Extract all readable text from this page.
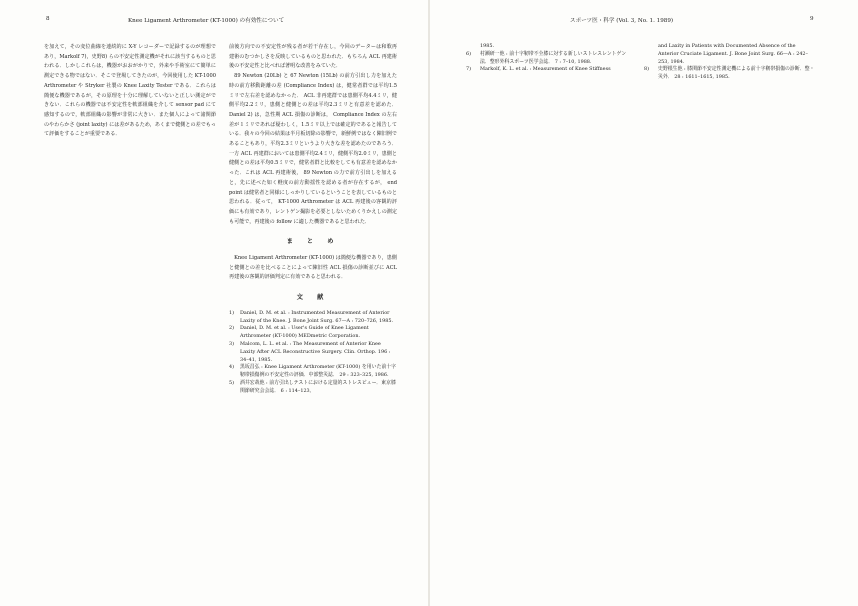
8	Knee Ligament Arthrometer (KT-1000) の有効性について

を加えて，その変位曲線を連続的に X-Y レコーダーで記録するのが理想であり，Markolf 7)，史野8) らの不安定性測定機がそれに該当するものと思われる．しかしこれらは，機器がおおがかりで，外来や手術室にて簡単に測定できる物ではない．そこで登場してきたのが，今回使用した KT-1000 Arthrometer や Stryker 社製の Knee Laxity Tester である．これらは簡便な機器であるが，その原理を十分に理解していないと正しい測定ができない．これらの機器では不安定性を軟部組織を介して sensor pad にて感知するので，軟部組織の影響が非常に大きい．また個人によって諸関節のやわらかさ (joint laxity) には差があるため，あくまで健側との差でもって評価をすることが重要である．

前後方向での不安定性が残る者が若干存在し，今回のデーターは和歌再建術のむつかしさを反映しているものと思われた．もちろん ACL 再建術後の不安定性と比べれば著明な改善をみていた．

89 Newton (20Lb) と 67 Newton (15Lb) の前方引出し力を加えた時の前方移動距離の差 (Compliance Index) は，健常者群では平均1.5ミリで左右差を認めなかった． ACL 非再建群では患側平均4.4ミリ，健側平均2.2ミリ，患側と健側との差は平均2.3ミリと有意差を認めた． Daniel 2) は，急性期 ACL 損傷の診断は， Compliance Index の左右差が１ミリであれば疑わしく，1.5ミリ以上では確定的であると報告している．我々の今回の結果は半月板切除の影響で，新鮮例ではなく陳旧例であることもあり，平均2.3ミリというより大きな差を認めたのであろう．一方 ACL 再建群においては患側平均2.4ミリ，健側平均2.0ミリ，患側と健側との差は平均0.5ミリで，健常者群と比較をしても有意差を認めなかった．これは ACL 再建術後， 89 Newton の力で前方引出しを加えると，先に述べた如く軽度の前方動揺性を認める者が存在するが， end point は健常者と同様にしっかりしているということを表しているものと思われる．従って， KT-1000 Arthrometer は ACL 再建後の客観的評価にも有効であり，レントゲン撮影を必要としないためくりかえしの測定も可能で，再建後の follow に適した機器であると思われた．

ま と め

Knee Ligament Arthrometer (KT-1000) は簡便な機器であり，患側と健側との差を比べることによって陳旧性 ACL 損傷の診断並びに ACL 再建後の客観的評価判定に有効であると思われる．

文 献
1) Daniel, D. M. et al. : Instrumented Measurement of Anterior Laxity of the Knee. J. Bone Joint Surg. 67—A : 720–726, 1985.
2) Daniel, D. M. et al. : User's Guide of Knee Ligament Arthrometer (KT-1000) MEDmetric Corporation.
3) Malcom, L. L. et al. : The Measurement of Anterior Knee Laxity After ACL Reconstructive Surgery. Clin. Orthop. 196 : 34–41, 1985.
4) 黒坂昌弘 : Knee Ligament Arthrometer (KT-1000) を用いた前十字靭帯損傷例の不安定性の評価．中部整災誌． 29 : 323–325, 1986.
5) 酒井宏哉他 : 前方引出しテストにおける定量的ストレスビュー．東京膝関節研究会会誌． 6 : 114–123,
スポーツ医・科学 (Vol. 3, No. 1. 1989)	9
1985.
6) 村瀬研一他 : 前十字靭帯不全膝に対する新しいストレスレントゲン法．整形外科スポーツ医学会誌． 7 : 7–10, 1988.
7) Markolf, K. L. et al. : Measurement of Knee Stiffness
and Laxity in Patients with Documented Absence of the Anterior Cruciate Ligament. J. Bone Joint Surg. 66—A : 242–253, 1984.
8) 史野根生他 : 膝関節不安定性測定機による前十字靭帯損傷の診断．整・災外． 28 : 1611–1615, 1985.
